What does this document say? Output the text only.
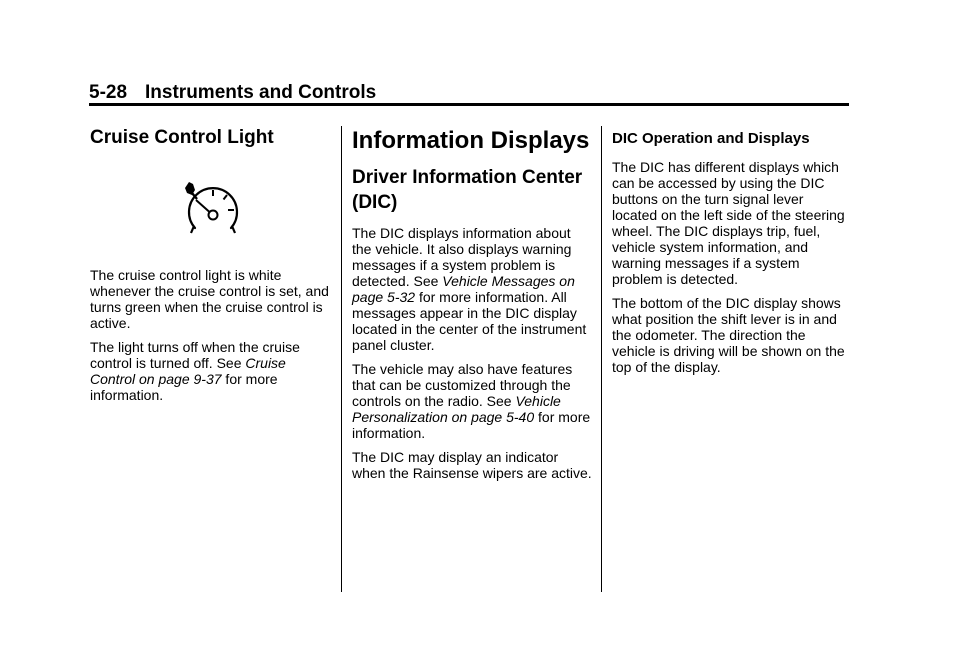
5-28 Instruments and Controls
Cruise Control Light

The cruise control light is white whenever the cruise control is set, and turns green when the cruise control is active.

The light turns off when the cruise control is turned off. See Cruise Control on page 9-37 for more information.

Information Displays
Driver Information Center (DIC)

The DIC displays information about the vehicle. It also displays warning messages if a system problem is detected. See Vehicle Messages on page 5-32 for more information. All messages appear in the DIC display located in the center of the instrument panel cluster.

The vehicle may also have features that can be customized through the controls on the radio. See Vehicle Personalization on page 5-40 for more information.

The DIC may display an indicator when the Rainsense wipers are active.

DIC Operation and Displays

The DIC has different displays which can be accessed by using the DIC buttons on the turn signal lever located on the left side of the steering wheel. The DIC displays trip, fuel, vehicle system information, and warning messages if a system problem is detected.

The bottom of the DIC display shows what position the shift lever is in and the odometer. The direction the vehicle is driving will be shown on the top of the display.
